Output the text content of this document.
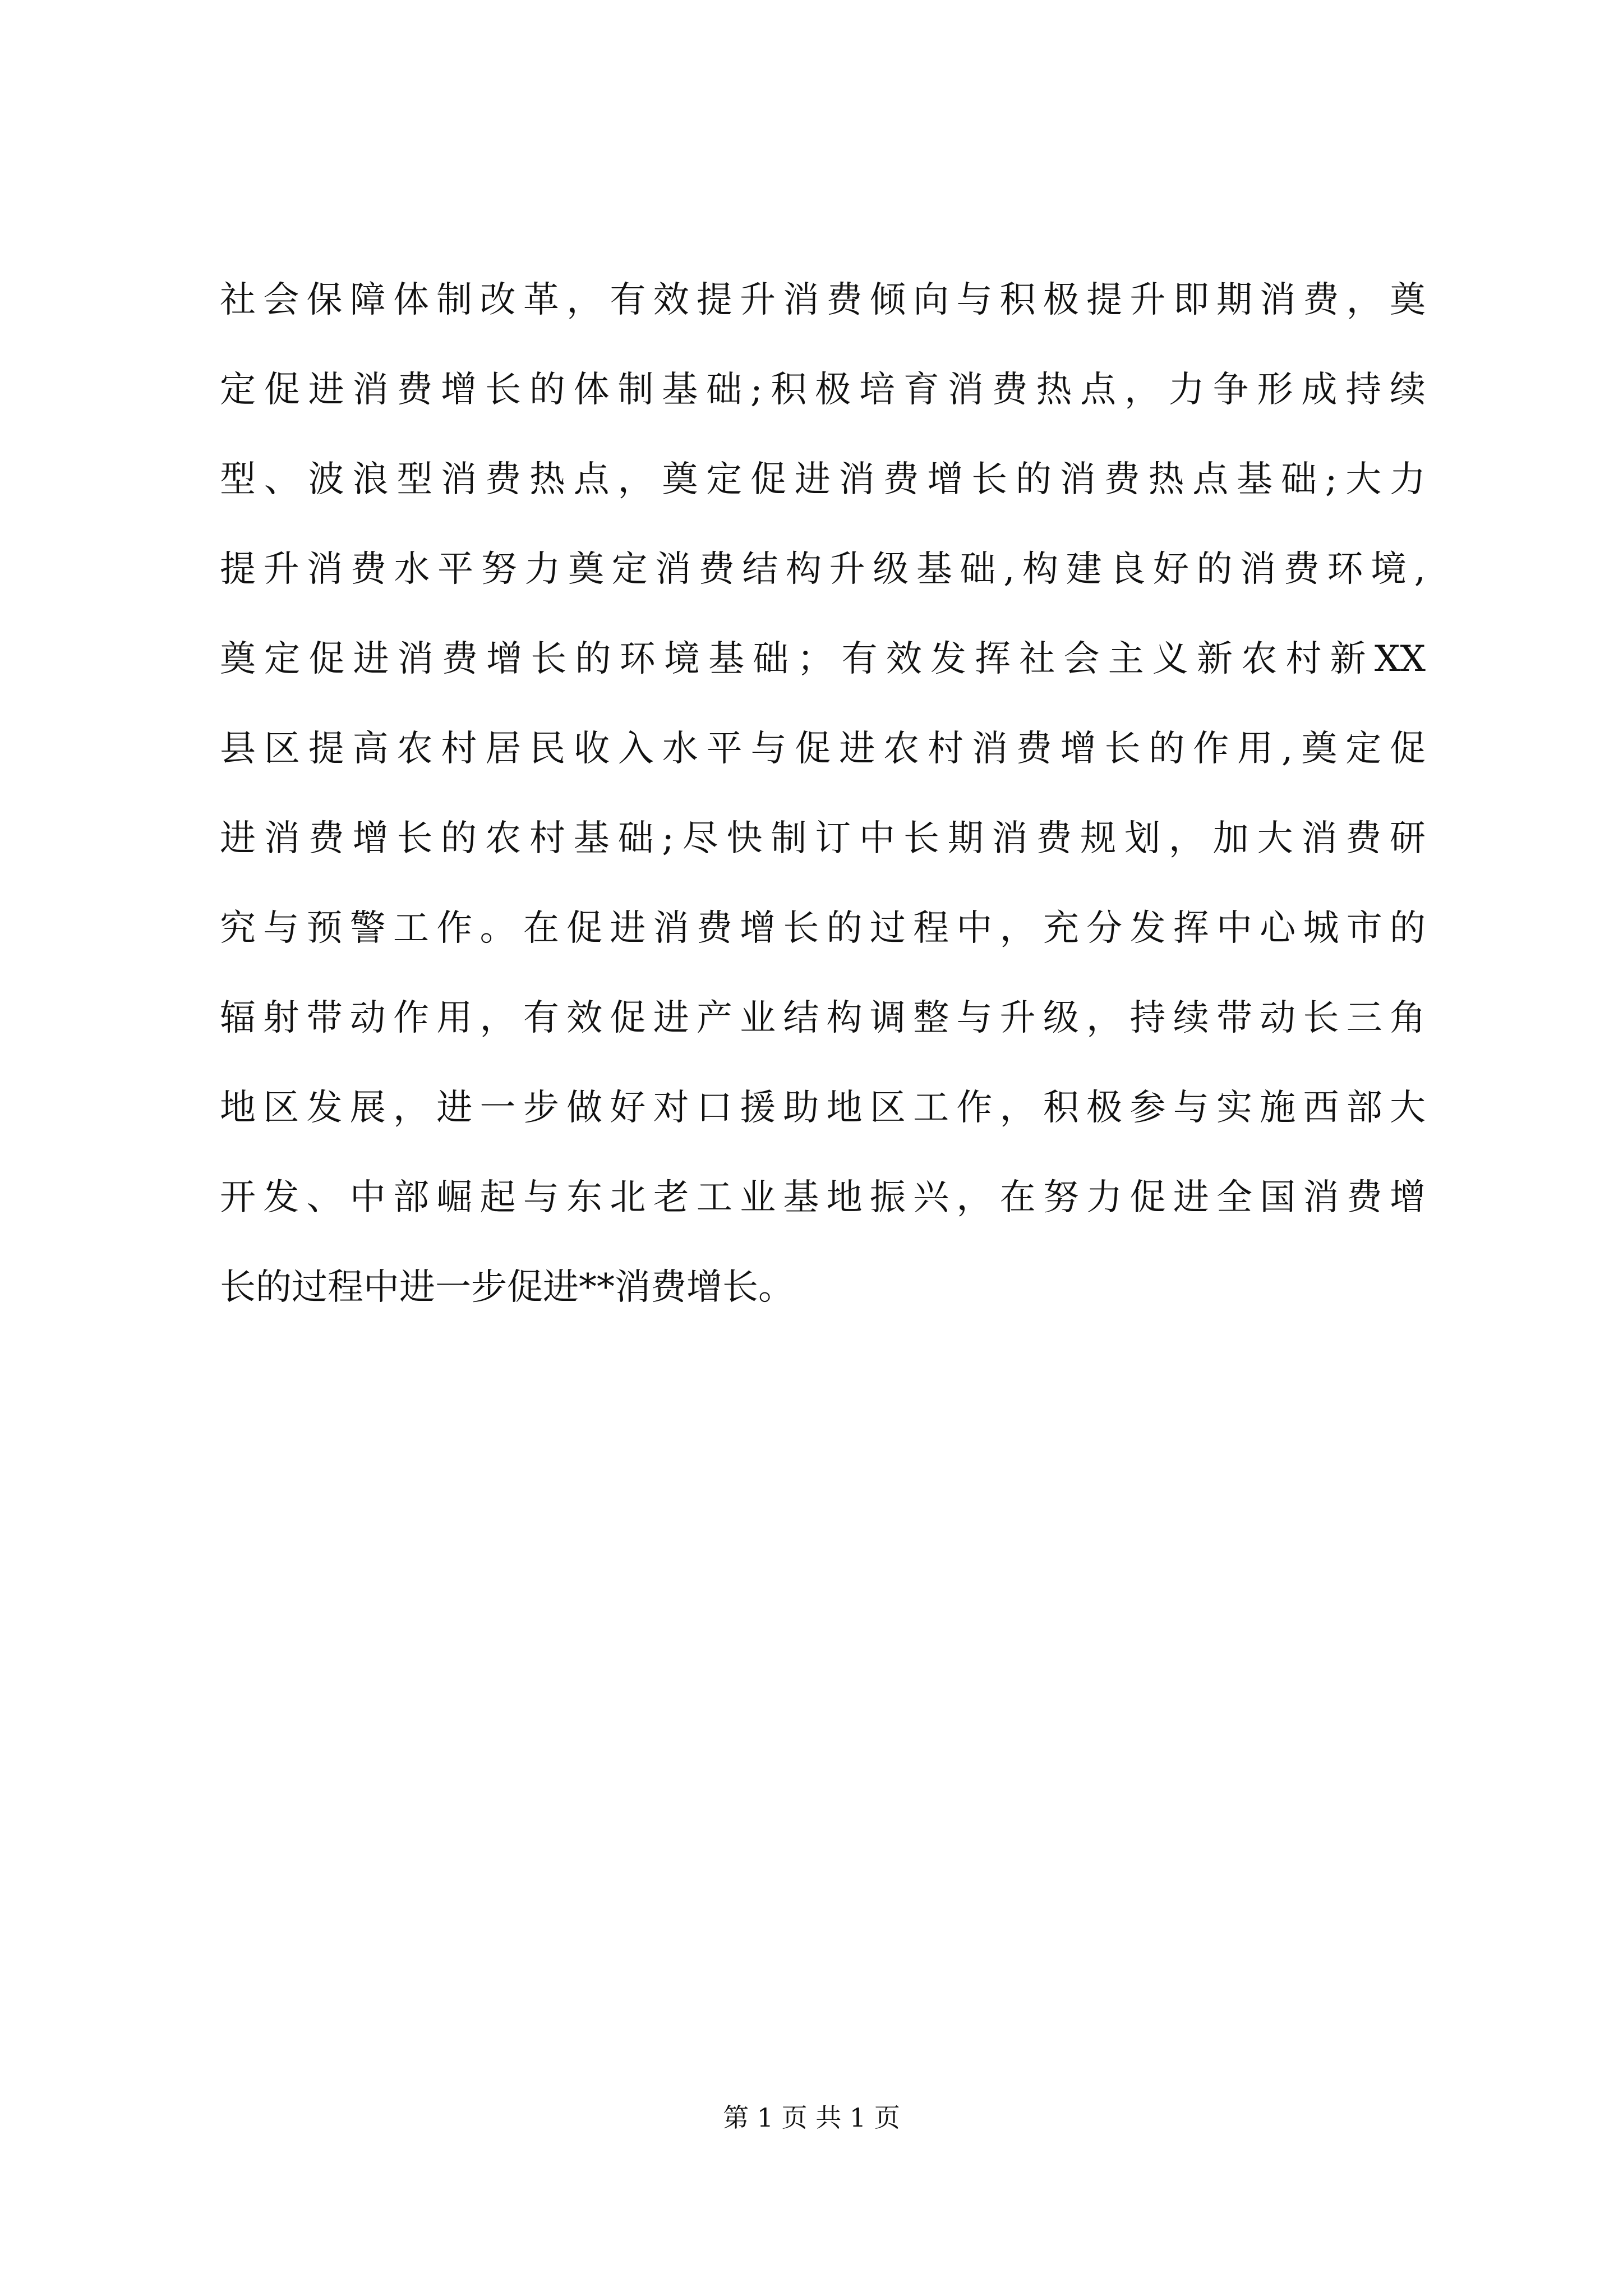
社会保障体制改革，有效提升消费倾向与积极提升即期消费，奠
定促进消费增长的体制基础;积极培育消费热点，力争形成持续
型、波浪型消费热点，奠定促进消费增长的消费热点基础;大力
提升消费水平努力奠定消费结构升级基础,构建良好的消费环境,
奠定促进消费增长的环境基础；有效发挥社会主义新农村新XX
县区提高农村居民收入水平与促进农村消费增长的作用,奠定促
进消费增长的农村基础;尽快制订中长期消费规划，加大消费研
究与预警工作。在促进消费增长的过程中，充分发挥中心城市的
辐射带动作用，有效促进产业结构调整与升级，持续带动长三角
地区发展，进一步做好对口援助地区工作，积极参与实施西部大
开发、中部崛起与东北老工业基地振兴，在努力促进全国消费增
长的过程中进一步促进**消费增长。
第 1 页 共 1 页
